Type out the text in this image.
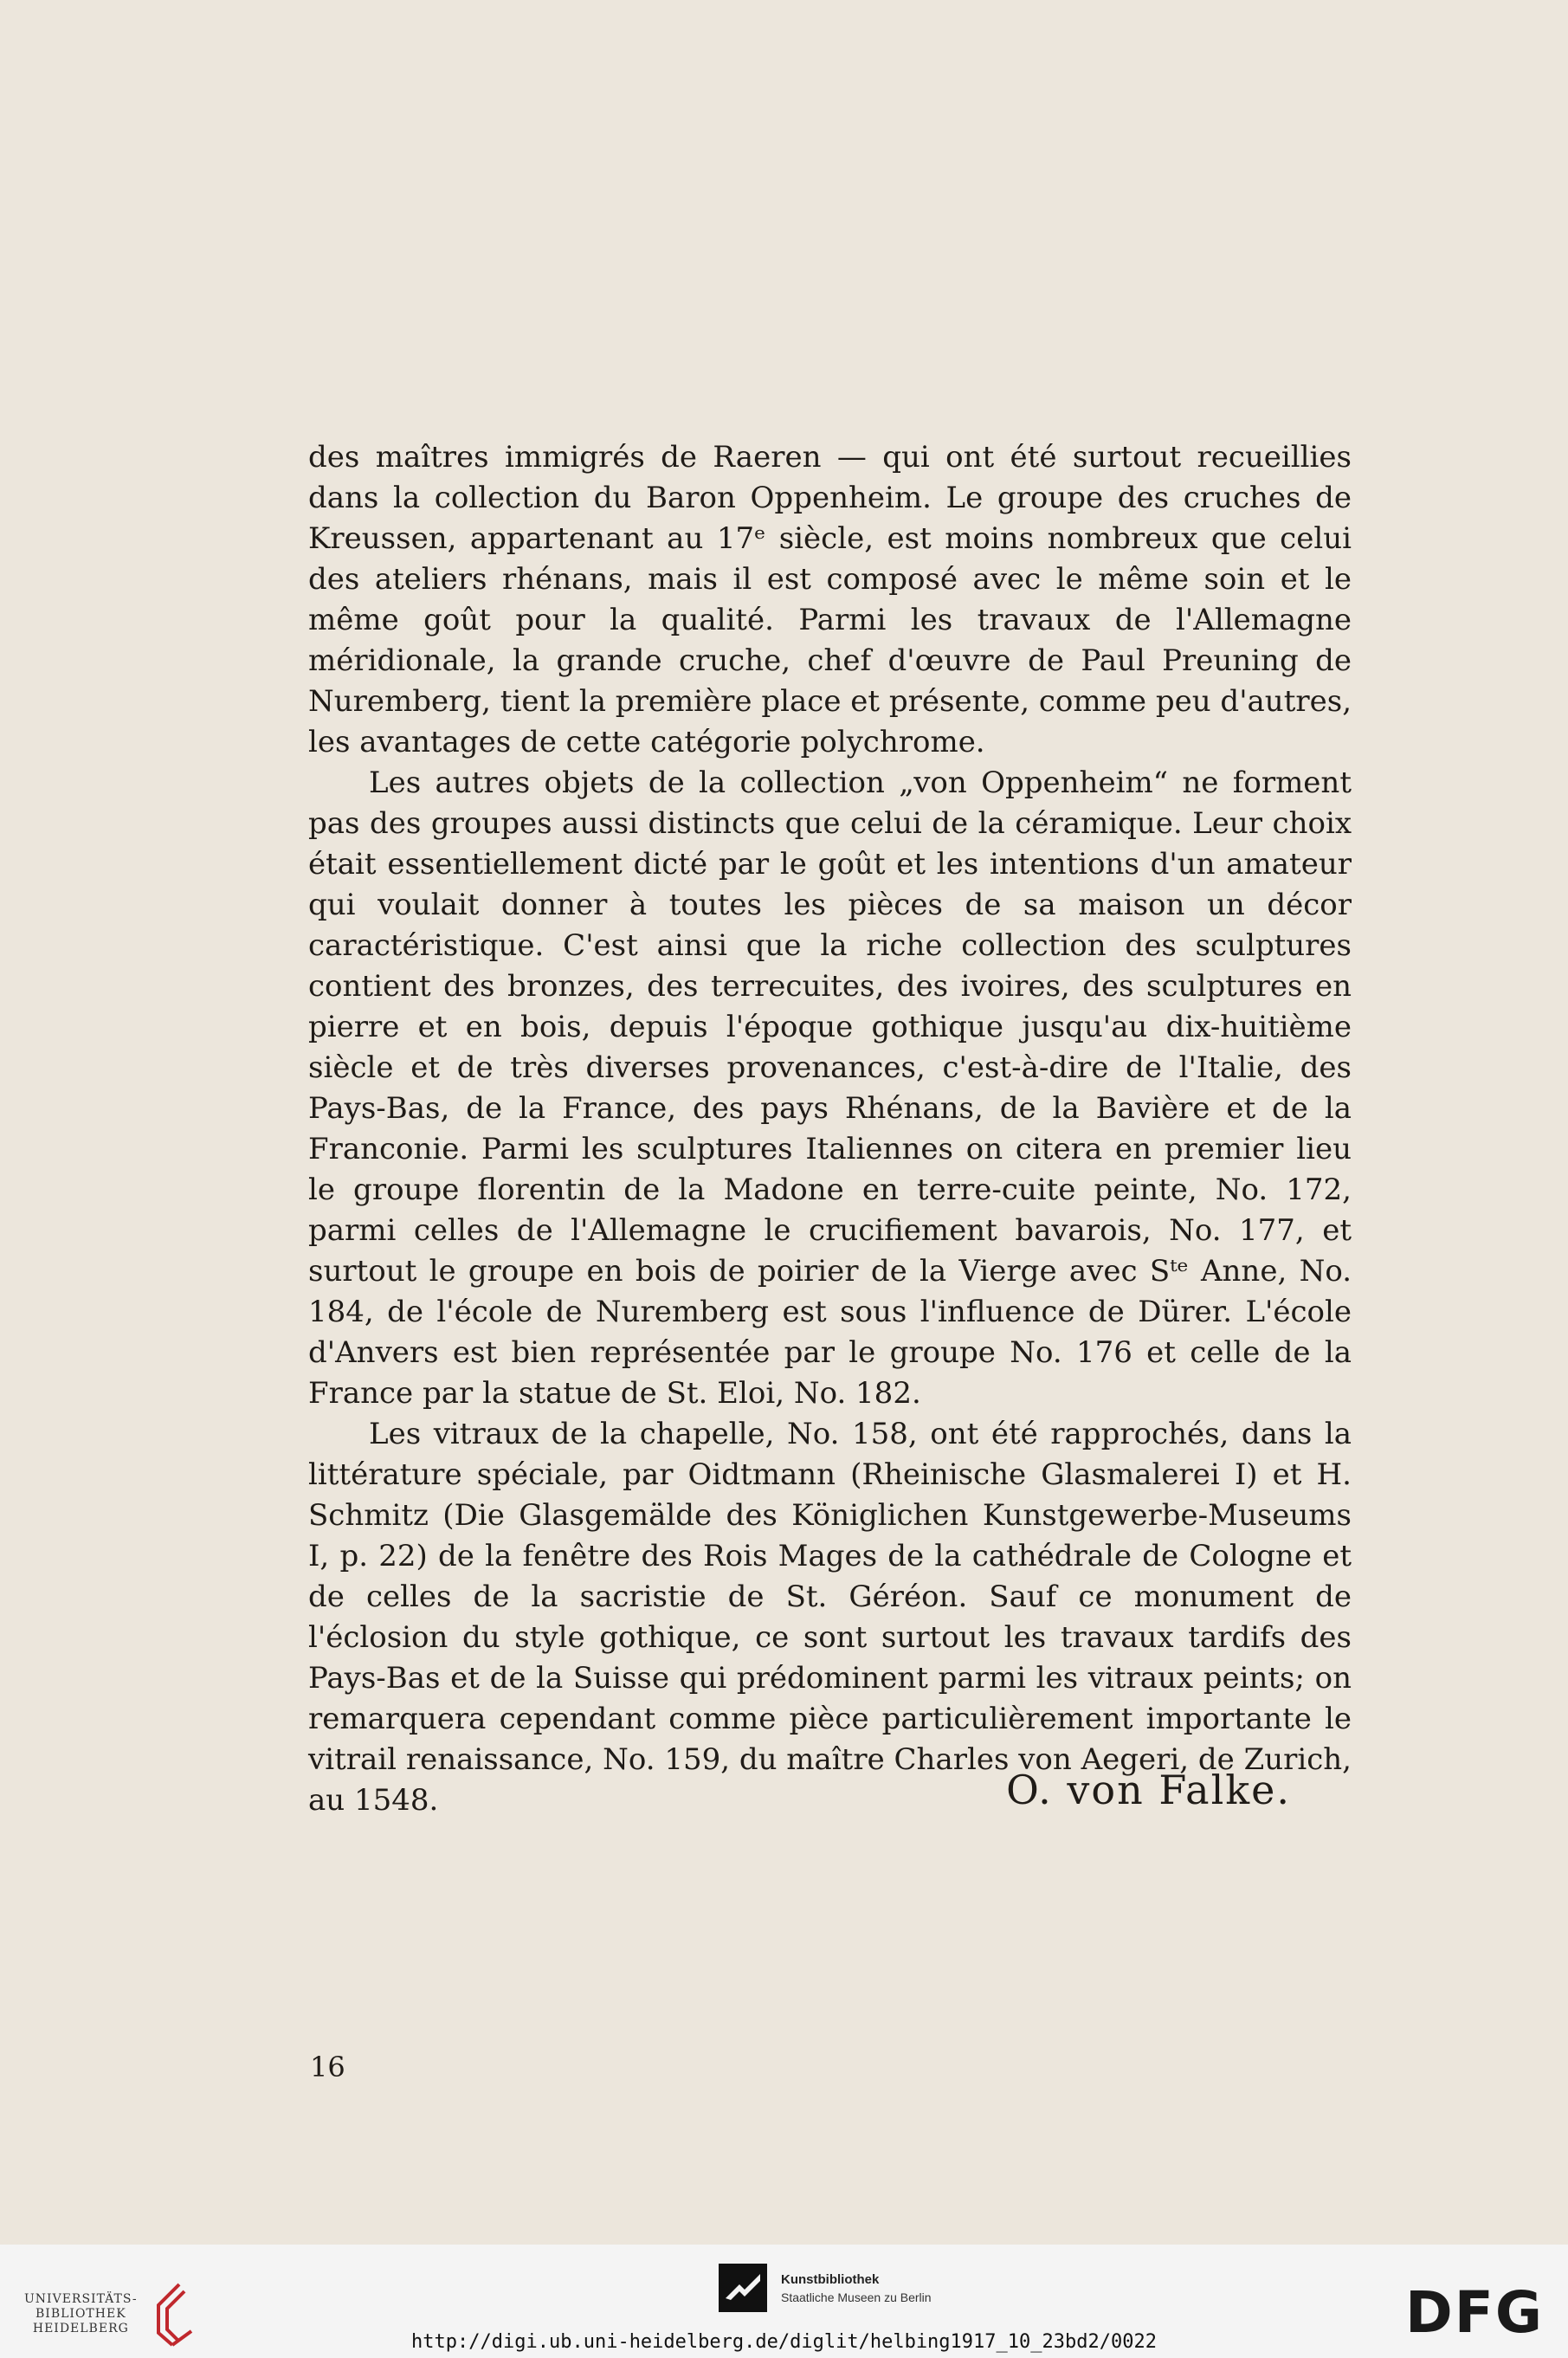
des maîtres immigrés de Raeren — qui ont été surtout recueillies dans la collection du Baron Oppenheim. Le groupe des cruches de Kreussen, appartenant au 17ᵉ siècle, est moins nombreux que celui des ateliers rhénans, mais il est composé avec le même soin et le même goût pour la qualité. Parmi les travaux de l'Allemagne méridionale, la grande cruche, chef d'œuvre de Paul Preuning de Nuremberg, tient la première place et présente, comme peu d'autres, les avantages de cette catégorie polychrome.

Les autres objets de la collection „von Oppenheim“ ne forment pas des groupes aussi distincts que celui de la céramique. Leur choix était essentiellement dicté par le goût et les intentions d'un amateur qui voulait donner à toutes les pièces de sa maison un décor caractéristique. C'est ainsi que la riche collection des sculptures contient des bronzes, des terrecuites, des ivoires, des sculptures en pierre et en bois, depuis l'époque gothique jusqu'au dix-huitième siècle et de très diverses provenances, c'est-à-dire de l'Italie, des Pays-Bas, de la France, des pays Rhénans, de la Bavière et de la Franconie. Parmi les sculptures Italiennes on citera en premier lieu le groupe florentin de la Madone en terre-cuite peinte, No. 172, parmi celles de l'Allemagne le crucifiement bavarois, No. 177, et surtout le groupe en bois de poirier de la Vierge avec Sᵗᵉ Anne, No. 184, de l'école de Nuremberg est sous l'influence de Dürer. L'école d'Anvers est bien représentée par le groupe No. 176 et celle de la France par la statue de St. Eloi, No. 182.

Les vitraux de la chapelle, No. 158, ont été rapprochés, dans la littérature spéciale, par Oidtmann (Rheinische Glasmalerei I) et H. Schmitz (Die Glasgemälde des Königlichen Kunstgewerbe-Museums I, p. 22) de la fenêtre des Rois Mages de la cathédrale de Cologne et de celles de la sacristie de St. Géréon. Sauf ce monument de l'éclosion du style gothique, ce sont surtout les travaux tardifs des Pays-Bas et de la Suisse qui prédominent parmi les vitraux peints; on remarquera cependant comme pièce particulièrement importante le vitrail renaissance, No. 159, du maître Charles von Aegeri, de Zurich, au 1548.	O. von Falke.
16
UNIVERSITÄTS-
BIBLIOTHEK
HEIDELBERG
Kunstbibliothek
Staatliche Museen zu Berlin	DFG
http://digi.ub.uni-heidelberg.de/diglit/helbing1917_10_23bd2/0022
